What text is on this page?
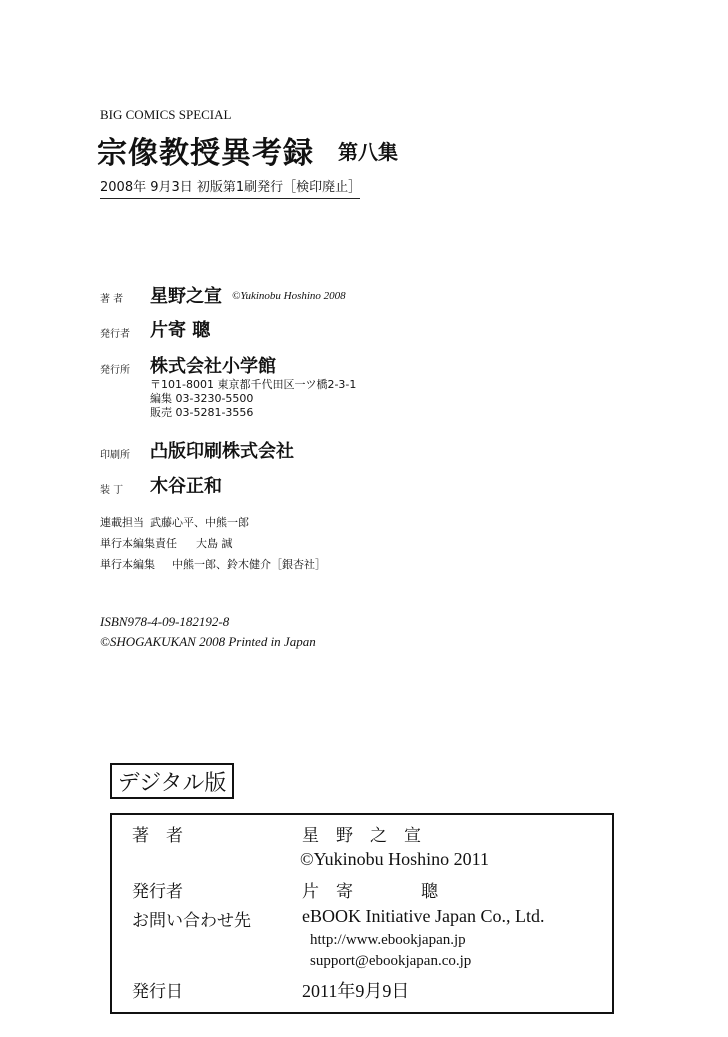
BIG COMICS SPECIAL
宗像教授異考録 第八集
2008年 9月3日 初版第1刷発行［検印廃止］
著 者 星野之宣 ©Yukinobu Hoshino 2008
発行者 片寄 聰
発行所 株式会社小学館
〒101-8001 東京都千代田区一ツ橋2-3-1
編集 03-3230-5500
販売 03-5281-3556
印刷所 凸版印刷株式会社
装 丁 木谷正和
連載担当 武藤心平、中熊一郎
単行本編集責任 大島 誠
単行本編集 中熊一郎、鈴木健介［銀杏社］
ISBN978-4-09-182192-8
©SHOGAKUKAN 2008 Printed in Japan
デジタル版
著　者	星　野　之　宣
©Yukinobu Hoshino 2011
発行者	片　寄　　　　聰
お問い合わせ先	eBOOK Initiative Japan Co., Ltd.
http://www.ebookjapan.jp
support@ebookjapan.co.jp
発行日	2011年9月9日
